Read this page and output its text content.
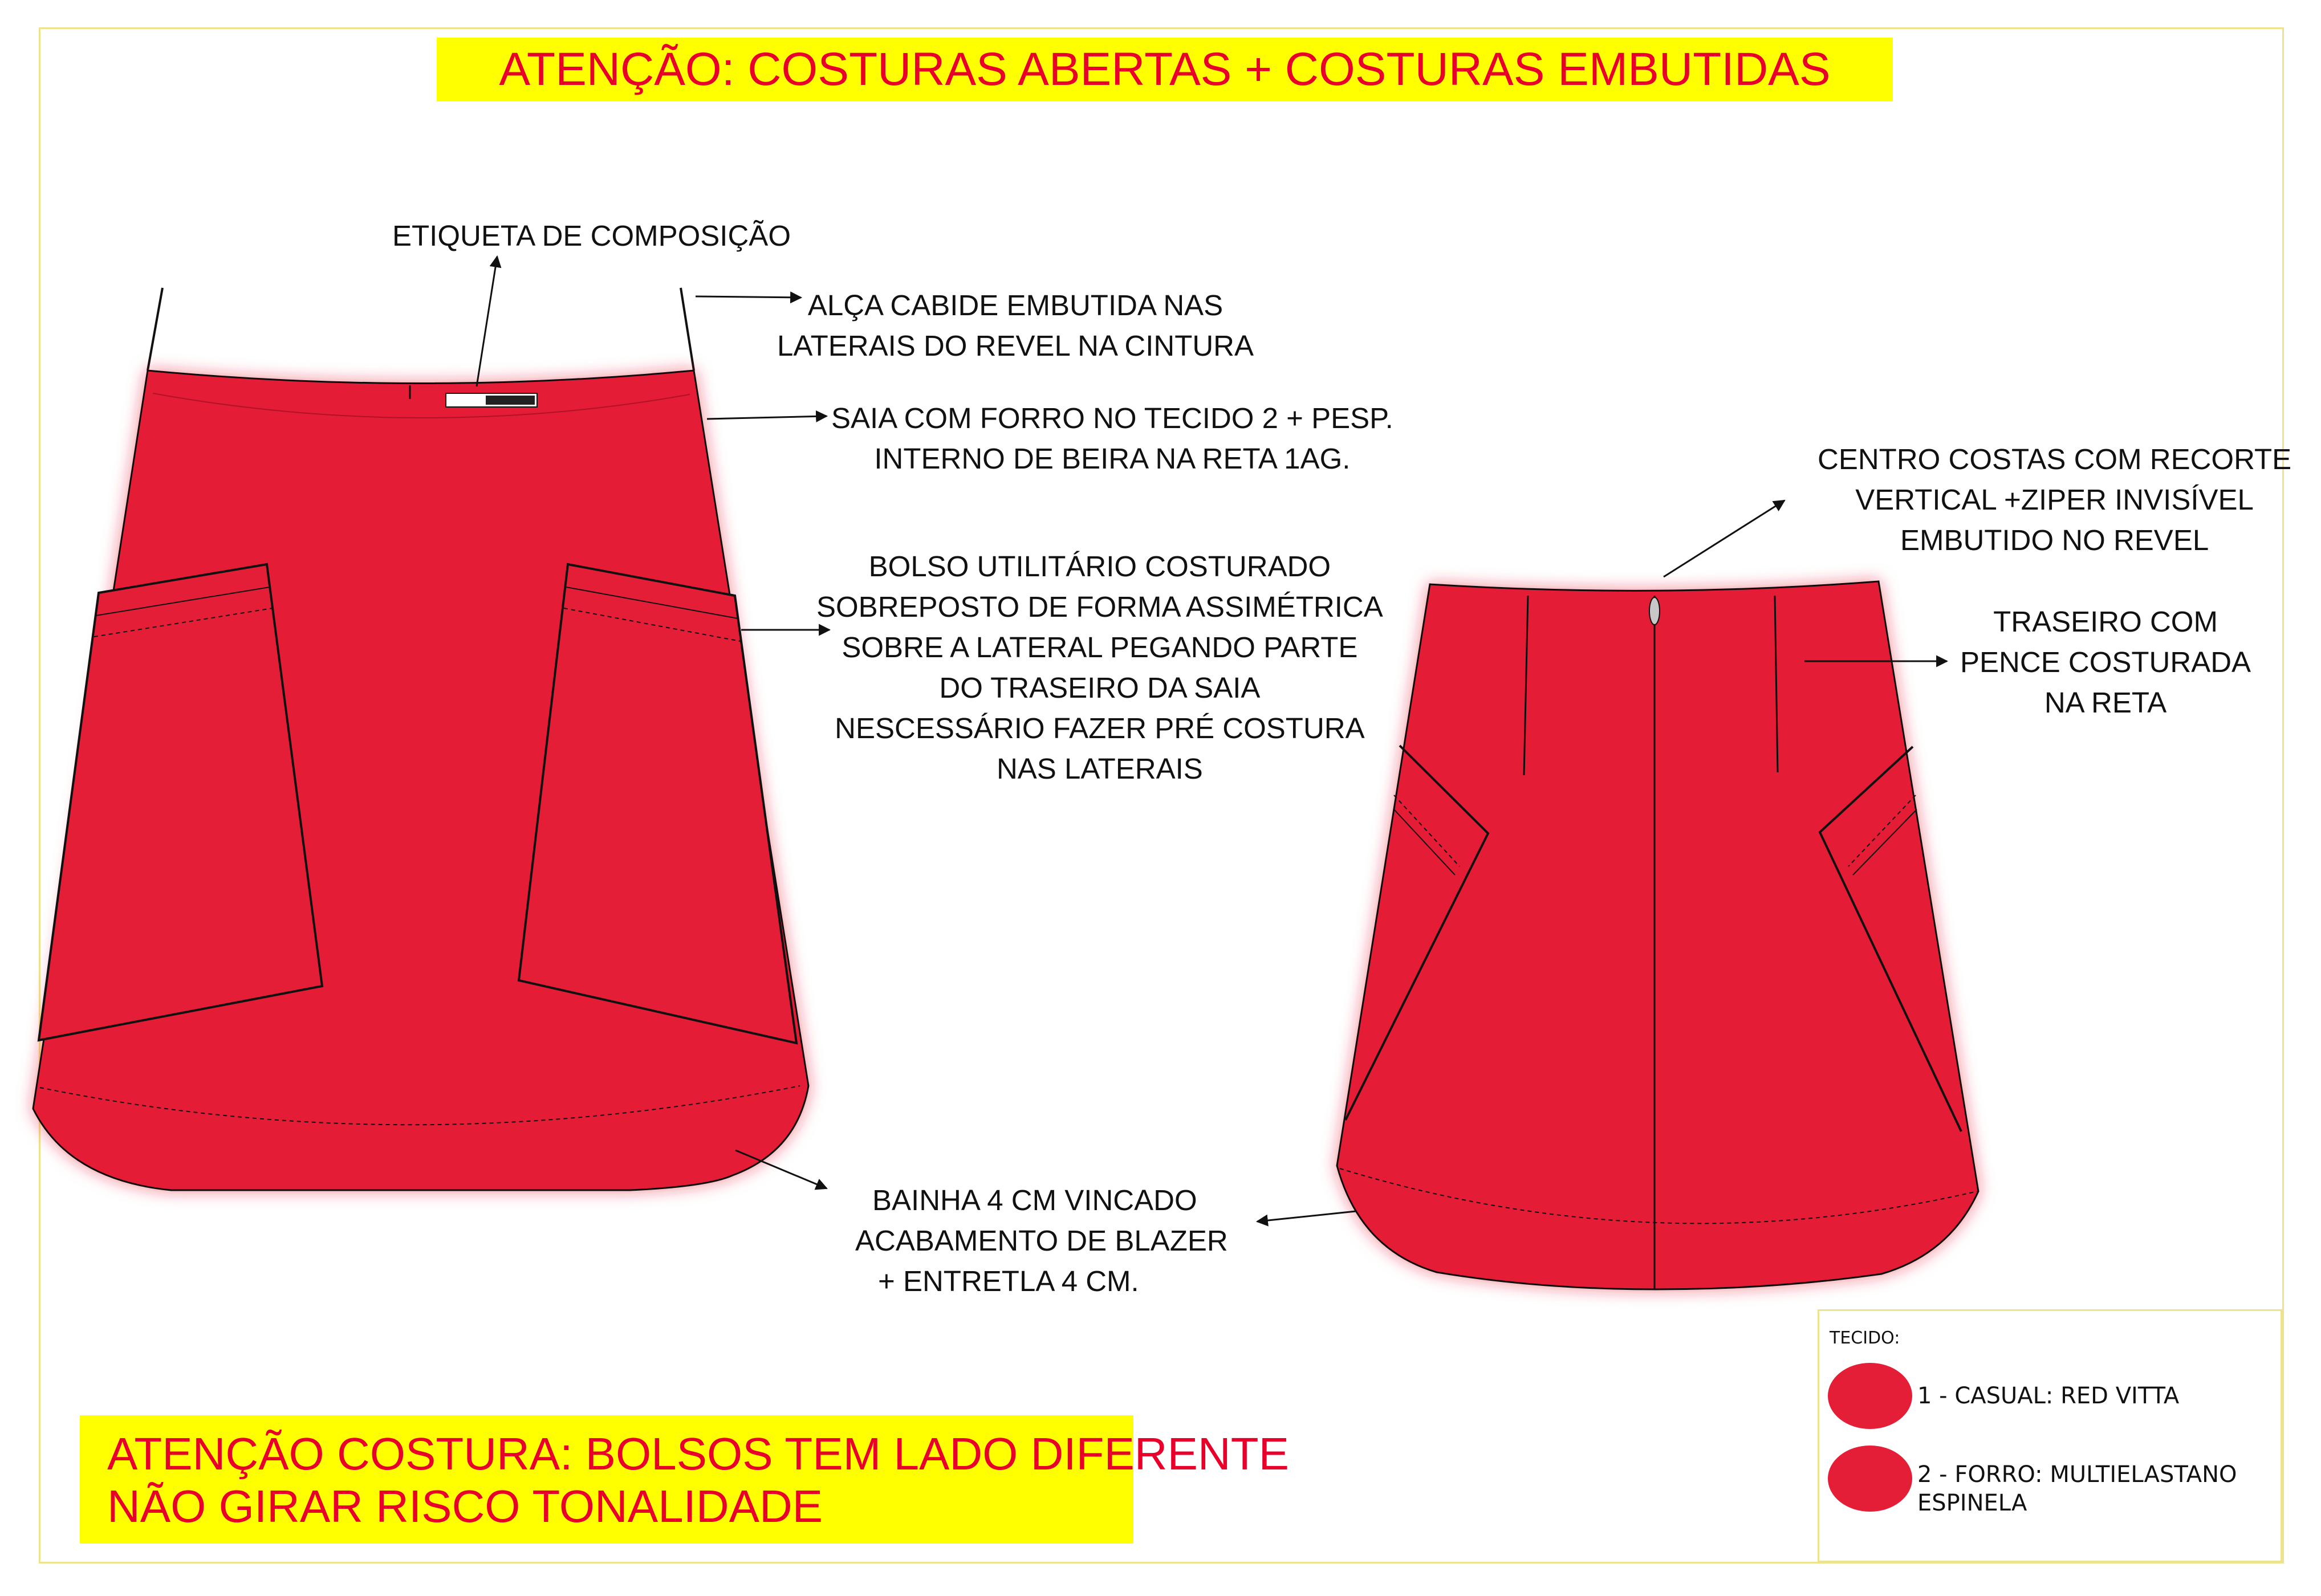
ATENÇÃO: COSTURAS ABERTAS + COSTURAS EMBUTIDAS
ETIQUETA DE COMPOSIÇÃO
ALÇA CABIDE EMBUTIDA NAS
LATERAIS DO REVEL NA CINTURA
SAIA COM FORRO NO TECIDO 2 + PESP.
INTERNO DE BEIRA NA RETA 1AG.
BOLSO UTILITÁRIO COSTURADO
SOBREPOSTO DE FORMA ASSIMÉTRICA
SOBRE A LATERAL PEGANDO PARTE
DO TRASEIRO DA SAIA
NESCESSÁRIO FAZER PRÉ COSTURA
NAS LATERAIS
CENTRO COSTAS COM RECORTE
VERTICAL +ZIPER INVISÍVEL
EMBUTIDO NO REVEL
TRASEIRO COM
PENCE COSTURADA
NA RETA
BAINHA 4 CM VINCADO
ACABAMENTO DE BLAZER
+ ENTRETLA 4 CM.
ATENÇÃO COSTURA: BOLSOS TEM LADO DIFERENTE
NÃO GIRAR RISCO TONALIDADE
TECIDO:
1 - CASUAL: RED VITTA
2 - FORRO: MULTIELASTANO
ESPINELA
